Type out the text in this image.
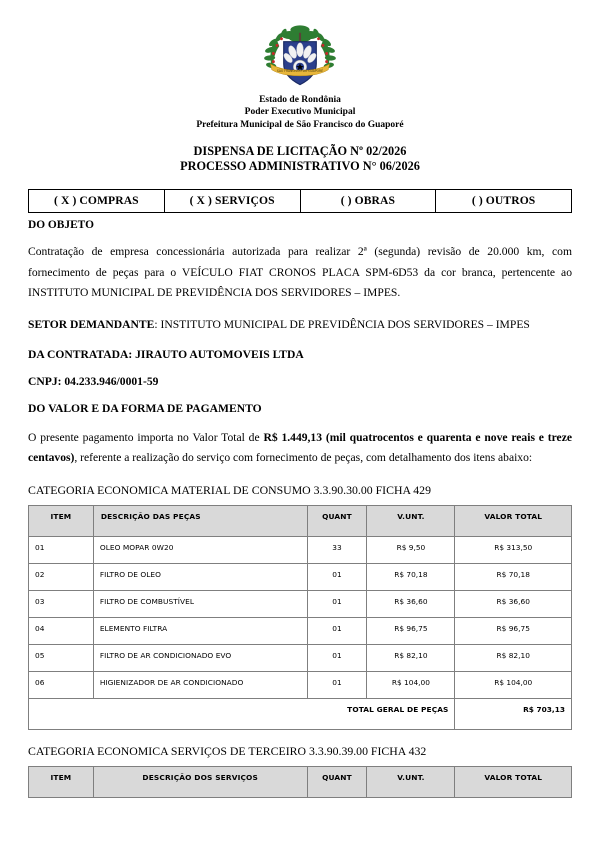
SÃO FRANCISCO DO GUAPORÉ
Estado de Rondônia
Poder Executivo Municipal
Prefeitura Municipal de São Francisco do Guaporé
DISPENSA DE LICITAÇÃO Nº 02/2026
PROCESSO ADMINISTRATIVO N° 06/2026
( X ) COMPRAS	( X ) SERVIÇOS	( ) OBRAS	( ) OUTROS
DO OBJETO

Contratação de empresa concessionária autorizada para realizar 2ª (segunda) revisão de 20.000 km, com fornecimento de peças para o VEÍCULO FIAT CRONOS PLACA SPM-6D53 da cor branca, pertencente ao INSTITUTO MUNICIPAL DE PREVIDÊNCIA DOS SERVIDORES – IMPES.

SETOR DEMANDANTE: INSTITUTO MUNICIPAL DE PREVIDÊNCIA DOS SERVIDORES – IMPES
DA CONTRATADA: JIRAUTO AUTOMOVEIS LTDA
CNPJ: 04.233.946/0001-59
DO VALOR E DA FORMA DE PAGAMENTO

O presente pagamento importa no Valor Total de R$ 1.449,13 (mil quatrocentos e quarenta e nove reais e treze centavos), referente a realização do serviço com fornecimento de peças, com detalhamento dos itens abaixo:

CATEGORIA ECONOMICA MATERIAL DE CONSUMO 3.3.90.30.00 FICHA 429
ITEM	DESCRIÇÃO DAS PEÇAS	QUANT	V.UNT.	VALOR TOTAL
01	OLEO MOPAR 0W20	33	R$ 9,50	R$ 313,50
02	FILTRO DE OLEO	01	R$ 70,18	R$ 70,18
03	FILTRO DE COMBUSTÍVEL	01	R$ 36,60	R$ 36,60
04	ELEMENTO FILTRA	01	R$ 96,75	R$ 96,75
05	FILTRO DE AR CONDICIONADO EVO	01	R$ 82,10	R$ 82,10
06	HIGIENIZADOR DE AR CONDICIONADO	01	R$ 104,00	R$ 104,00
TOTAL GERAL DE PEÇAS				R$ 703,13
CATEGORIA ECONOMICA SERVIÇOS DE TERCEIRO 3.3.90.39.00 FICHA 432
ITEM	DESCRIÇÃO DOS SERVIÇOS	QUANT	V.UNT.	VALOR TOTAL
